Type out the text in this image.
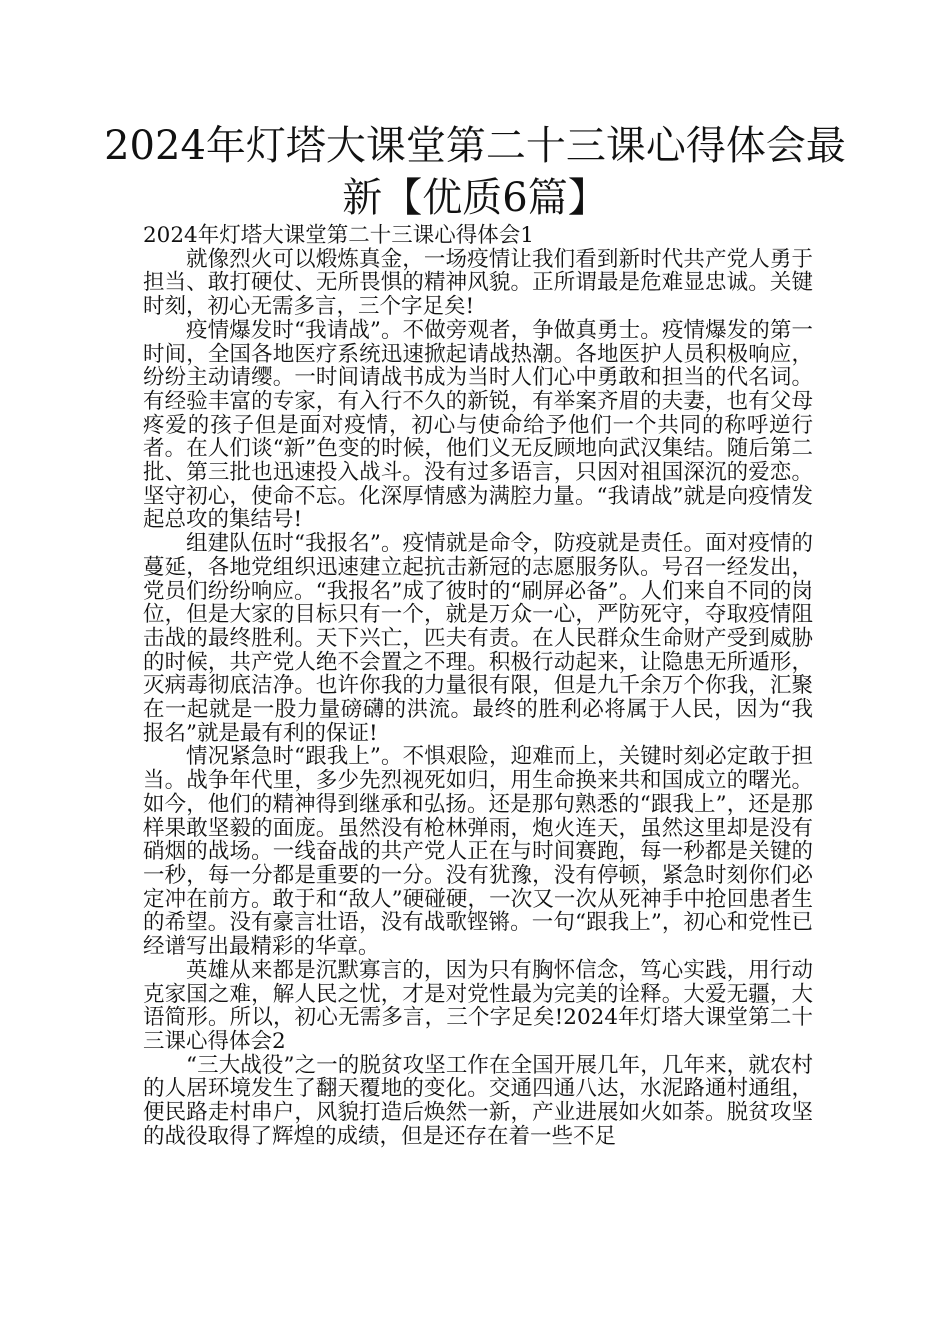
2024年灯塔大课堂第二十三课心得体会最新【优质6篇】

2024年灯塔大课堂第二十三课心得体会1

就像烈火可以煅炼真金，一场疫情让我们看到新时代共产党人勇于担当、敢打硬仗、无所畏惧的精神风貌。正所谓最是危难显忠诚。关键时刻，初心无需多言，三个字足矣!

疫情爆发时“我请战”。不做旁观者，争做真勇士。疫情爆发的第一时间，全国各地医疗系统迅速掀起请战热潮。各地医护人员积极响应，纷纷主动请缨。一时间请战书成为当时人们心中勇敢和担当的代名词。有经验丰富的专家，有入行不久的新锐，有举案齐眉的夫妻，也有父母疼爱的孩子但是面对疫情，初心与使命给予他们一个共同的称呼逆行者。在人们谈“新”色变的时候，他们义无反顾地向武汉集结。随后第二批、第三批也迅速投入战斗。没有过多语言，只因对祖国深沉的爱恋。坚守初心，使命不忘。化深厚情感为满腔力量。“我请战”就是向疫情发起总攻的集结号!

组建队伍时“我报名”。疫情就是命令，防疫就是责任。面对疫情的蔓延，各地党组织迅速建立起抗击新冠的志愿服务队。号召一经发出，党员们纷纷响应。“我报名”成了彼时的“刷屏必备”。人们来自不同的岗位，但是大家的目标只有一个，就是万众一心，严防死守，夺取疫情阻击战的最终胜利。天下兴亡，匹夫有责。在人民群众生命财产受到威胁的时候，共产党人绝不会置之不理。积极行动起来，让隐患无所遁形，灭病毒彻底洁净。也许你我的力量很有限，但是九千余万个你我，汇聚在一起就是一股力量磅礴的洪流。最终的胜利必将属于人民，因为“我报名”就是最有利的保证!

情况紧急时“跟我上”。不惧艰险，迎难而上，关键时刻必定敢于担当。战争年代里，多少先烈视死如归，用生命换来共和国成立的曙光。如今，他们的精神得到继承和弘扬。还是那句熟悉的“跟我上”，还是那样果敢坚毅的面庞。虽然没有枪林弹雨，炮火连天，虽然这里却是没有硝烟的战场。一线奋战的共产党人正在与时间赛跑，每一秒都是关键的一秒，每一分都是重要的一分。没有犹豫，没有停顿，紧急时刻你们必定冲在前方。敢于和“敌人”硬碰硬，一次又一次从死神手中抢回患者生的希望。没有豪言壮语，没有战歌铿锵。一句“跟我上”，初心和党性已经谱写出最精彩的华章。

英雄从来都是沉默寡言的，因为只有胸怀信念，笃心实践，用行动克家国之难，解人民之忧，才是对党性最为完美的诠释。大爱无疆，大语简形。所以，初心无需多言，三个字足矣!2024年灯塔大课堂第二十三课心得体会2

“三大战役”之一的脱贫攻坚工作在全国开展几年，几年来，就农村的人居环境发生了翻天覆地的变化。交通四通八达，水泥路通村通组，便民路走村串户，风貌打造后焕然一新，产业进展如火如荼。脱贫攻坚的战役取得了辉煌的成绩，但是还存在着一些不足
